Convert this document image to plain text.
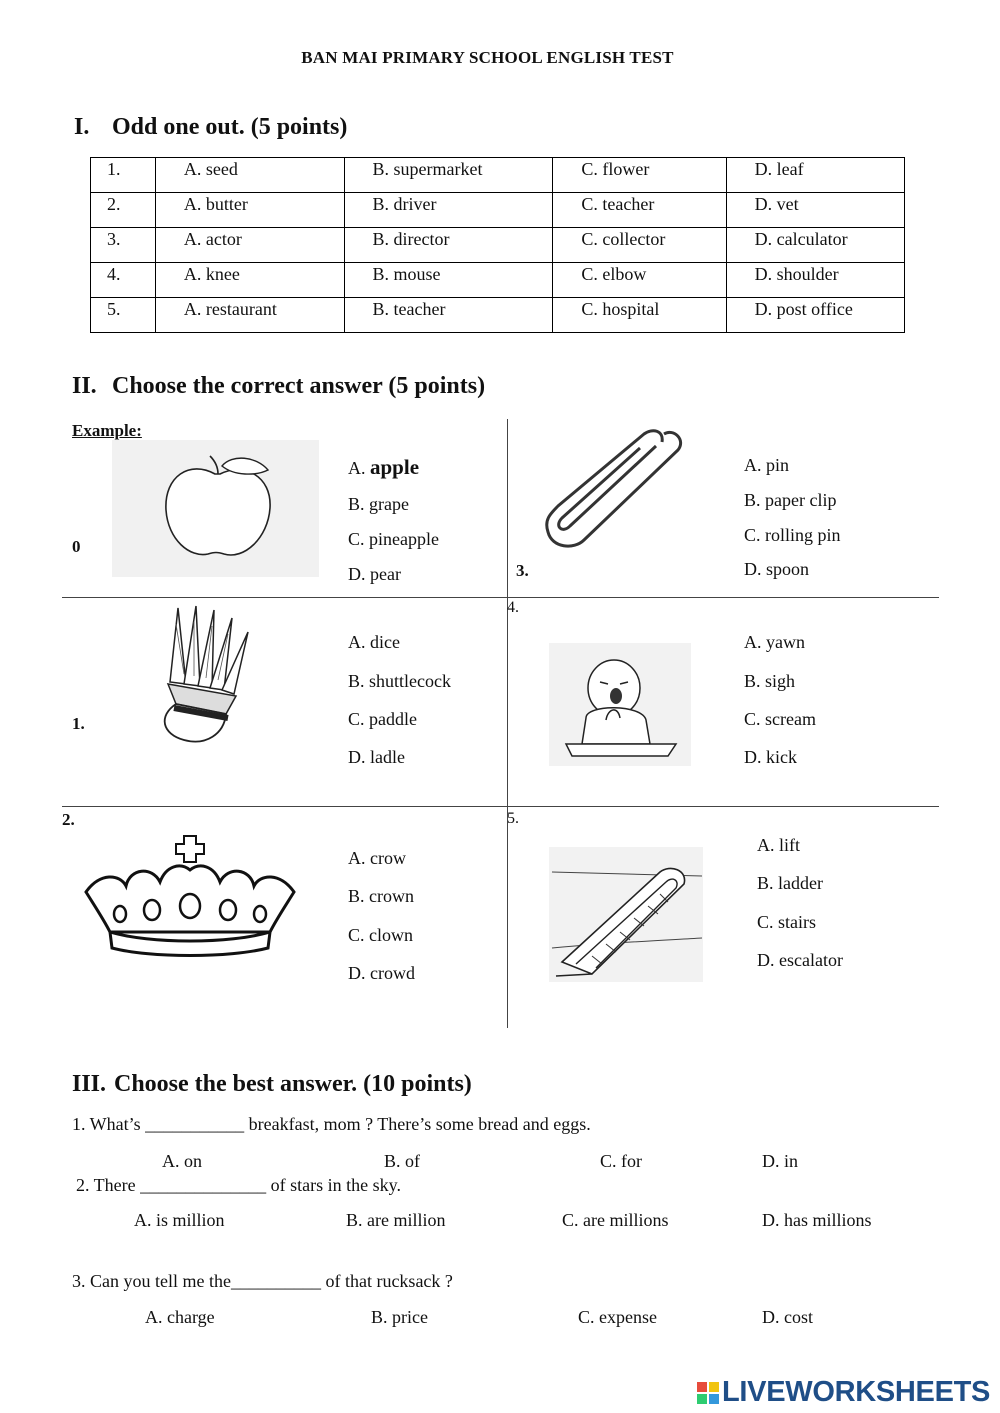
BAN MAI PRIMARY SCHOOL ENGLISH TEST
I. Odd one out. (5 points)
1.	A. seed	B. supermarket	C. flower	D. leaf
2.	A. butter	B. driver	C. teacher	D. vet
3.	A. actor	B. director	C. collector	D. calculator
4.	A. knee	B. mouse	C. elbow	D. shoulder
5.	A. restaurant	B. teacher	C. hospital	D. post office
II. Choose the correct answer (5 points)
Example:
0
A. apple
B. grape
C. pineapple
D. pear	3.
A. pin
B. paper clip
C. rolling pin
D. spoon
1.
A. dice
B. shuttlecock
C. paddle
D. ladle
4.
A. yawn
B. sigh
C. scream
D. kick
2.
A. crow
B. crown
C. clown
D. crowd
5.
A. lift
B. ladder
C. stairs
D. escalator
III. Choose the best answer. (10 points)
1. What’s ___________ breakfast, mom ? There’s some bread and eggs.
A. on	B. of	C. for	D. in
2. There ______________ of stars in the sky.
A. is million	B. are million	C. are millions	D. has millions
3. Can you tell me the__________ of that rucksack ?
A. charge	B. price	C. expense	D. cost
LIVEWORKSHEETS
